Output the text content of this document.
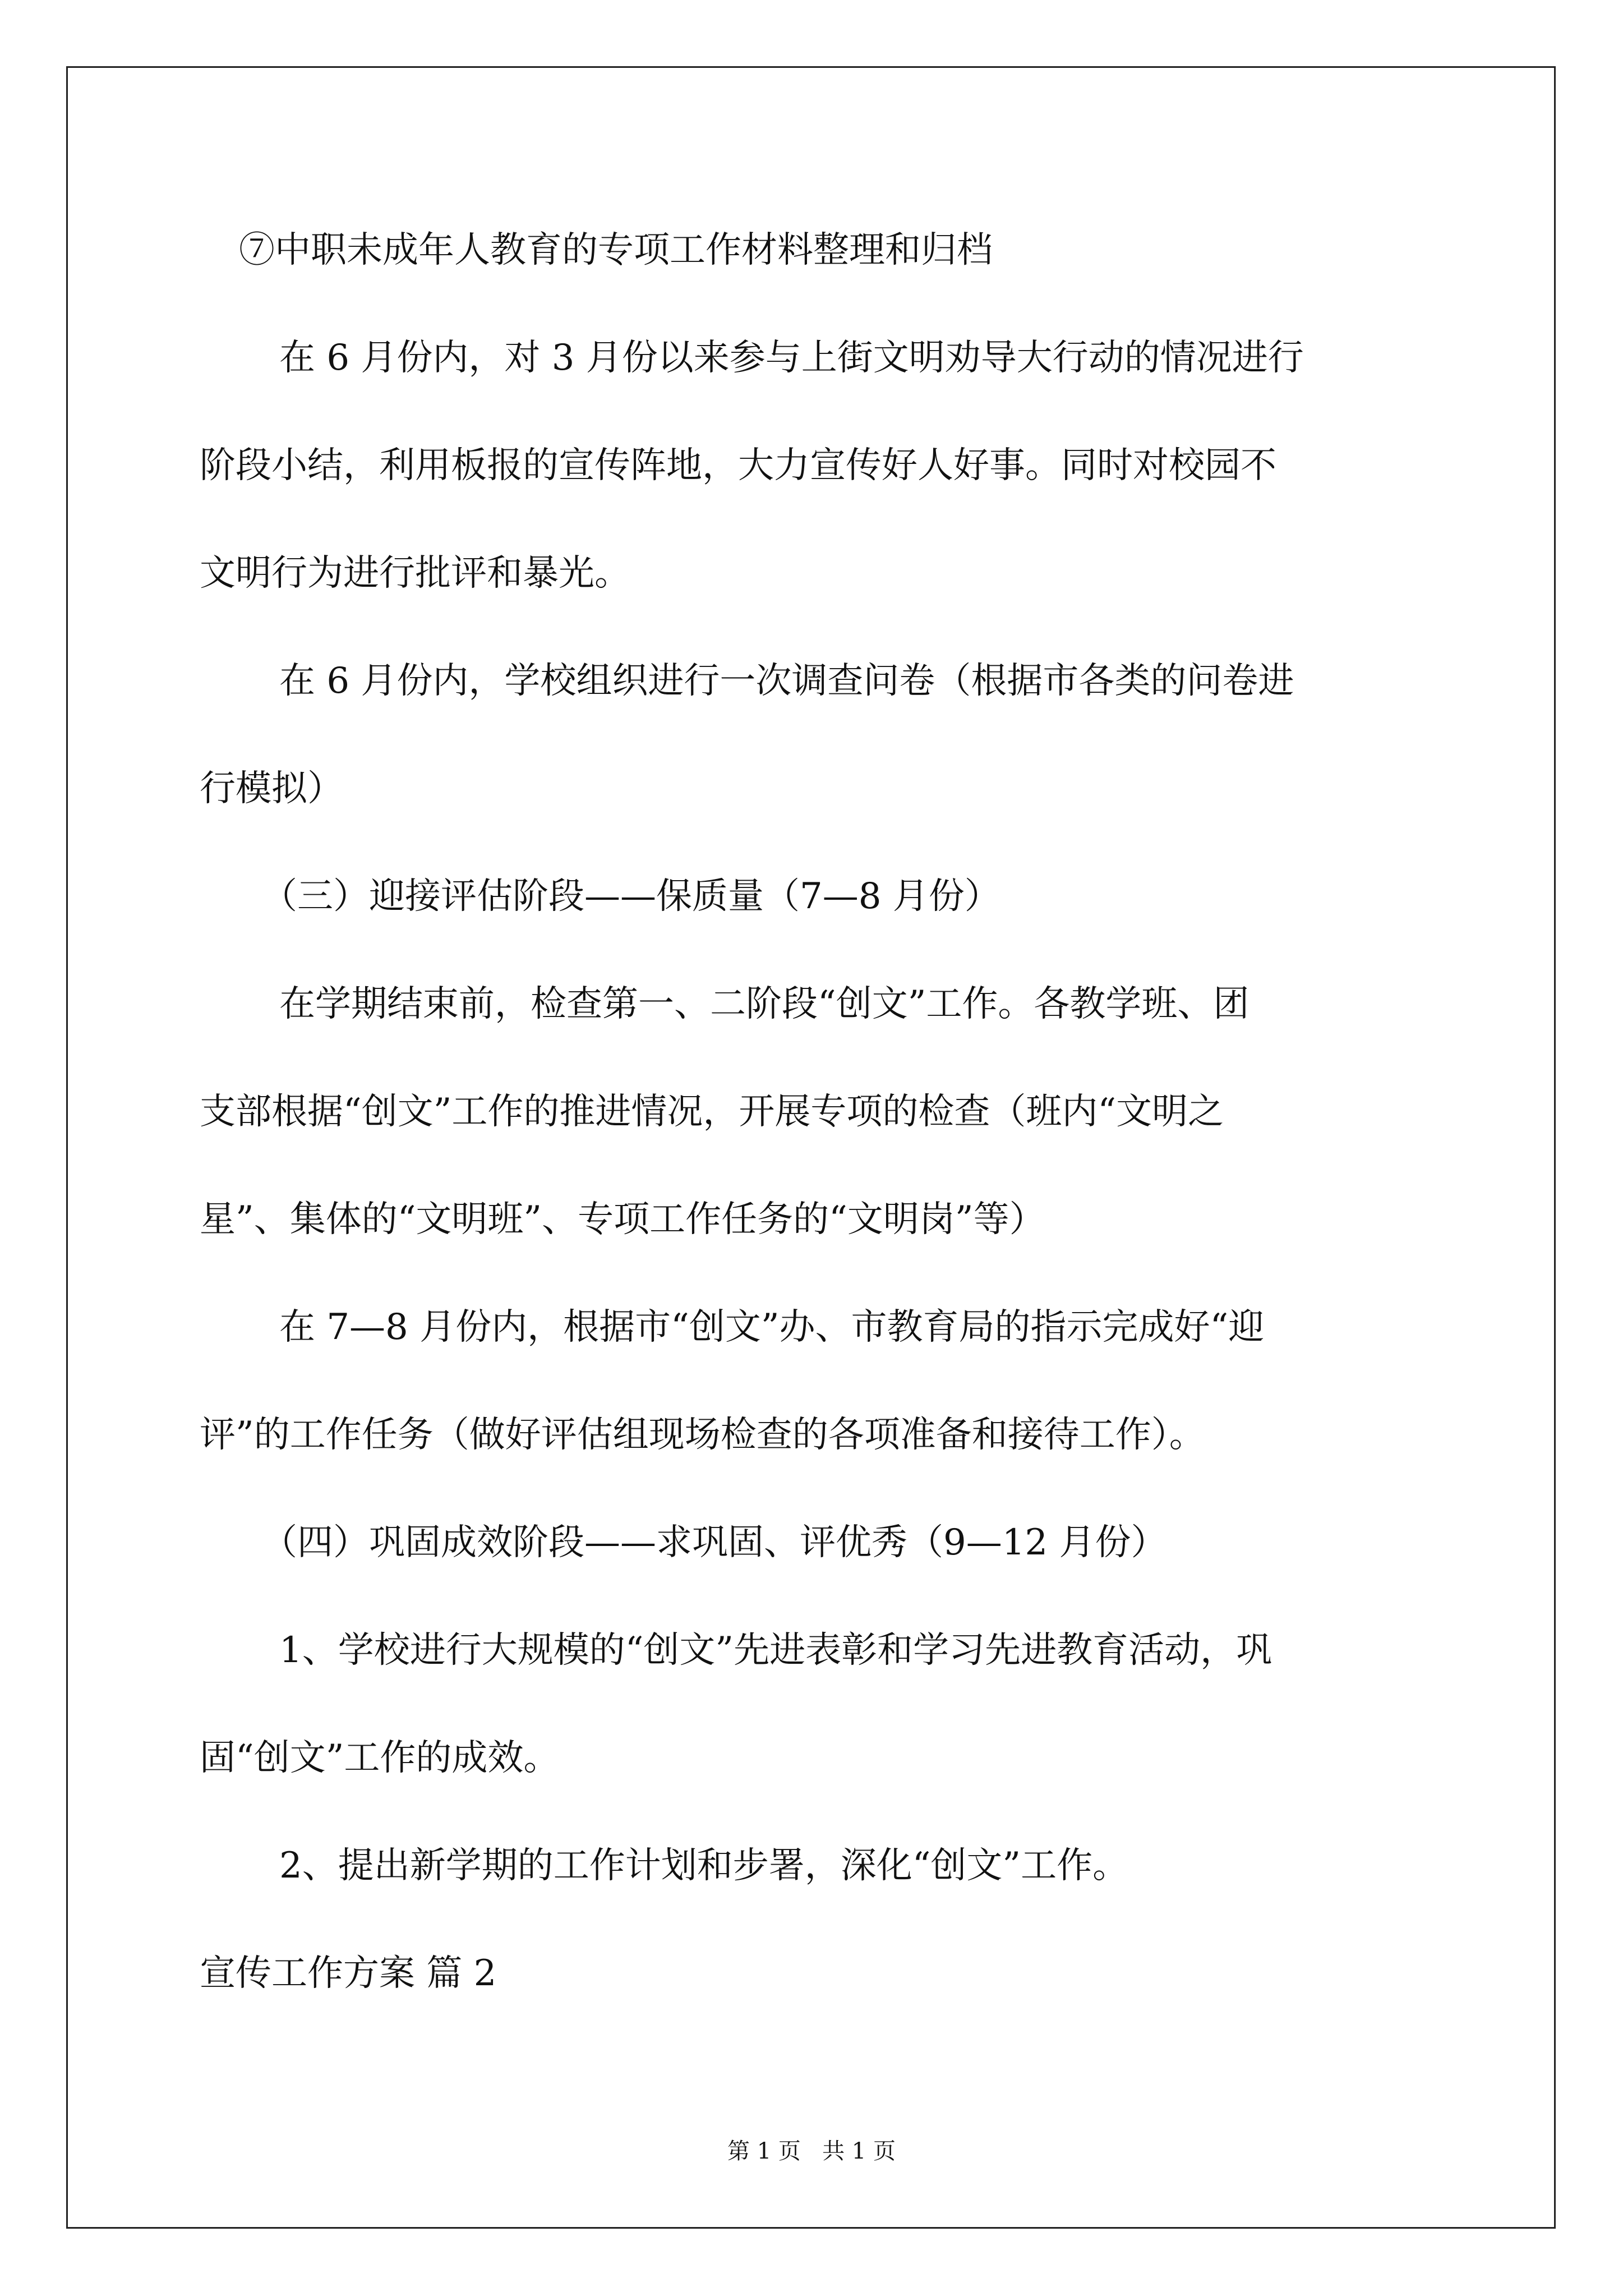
⑦中职未成年人教育的专项工作材料整理和归档
在 6 月份内，对 3 月份以来参与上街文明劝导大行动的情况进行
阶段小结，利用板报的宣传阵地，大力宣传好人好事。同时对校园不
文明行为进行批评和暴光。
在 6 月份内，学校组织进行一次调查问卷（根据市各类的问卷进
行模拟）
（三）迎接评估阶段——保质量（7—8 月份）
在学期结束前，检查第一、二阶段“创文”工作。各教学班、团
支部根据“创文”工作的推进情况，开展专项的检查（班内“文明之
星”、集体的“文明班”、专项工作任务的“文明岗”等）
在 7—8 月份内，根据市“创文”办、市教育局的指示完成好“迎
评”的工作任务（做好评估组现场检查的各项准备和接待工作）。
（四）巩固成效阶段——求巩固、评优秀（9—12 月份）
1、学校进行大规模的“创文”先进表彰和学习先进教育活动，巩
固“创文”工作的成效。
2、提出新学期的工作计划和步署，深化“创文”工作。
宣传工作方案 篇 2
第 1 页   共 1 页
